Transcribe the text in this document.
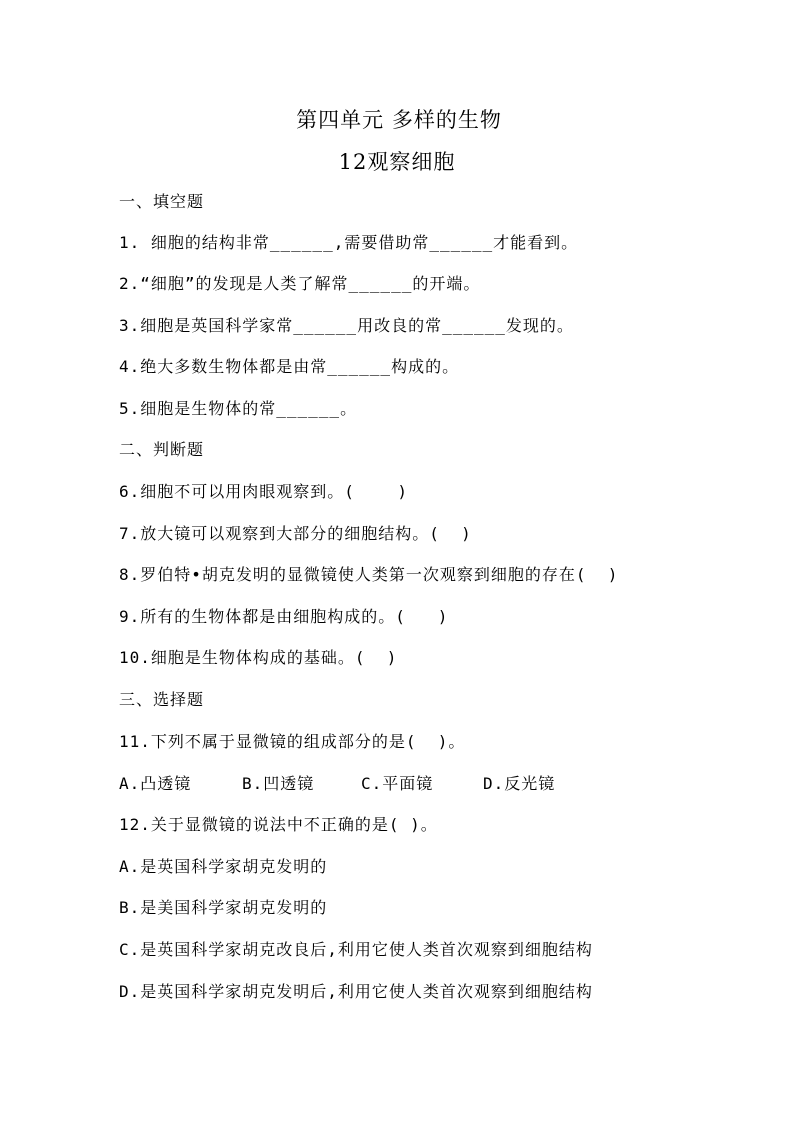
第四单元 多样的生物
12观察细胞
一、填空题
1. 细胞的结构非常______,需要借助常______才能看到。
2.“细胞”的发现是人类了解常______的开端。
3.细胞是英国科学家常______用改良的常______发现的。
4.绝大多数生物体都是由常______构成的。
5.细胞是生物体的常______。
二、判断题
6.细胞不可以用肉眼观察到。(    )
7.放大镜可以观察到大部分的细胞结构。(  )
8.罗伯特•胡克发明的显微镜使人类第一次观察到细胞的存在(  )
9.所有的生物体都是由细胞构成的。(   )
10.细胞是生物体构成的基础。(  )
三、选择题
11.下列不属于显微镜的组成部分的是(  )。
A.凸透镜	B.凹透镜	C.平面镜	D.反光镜
12.关于显微镜的说法中不正确的是( )。
A.是英国科学家胡克发明的
B.是美国科学家胡克发明的
C.是英国科学家胡克改良后,利用它使人类首次观察到细胞结构
D.是英国科学家胡克发明后,利用它使人类首次观察到细胞结构
